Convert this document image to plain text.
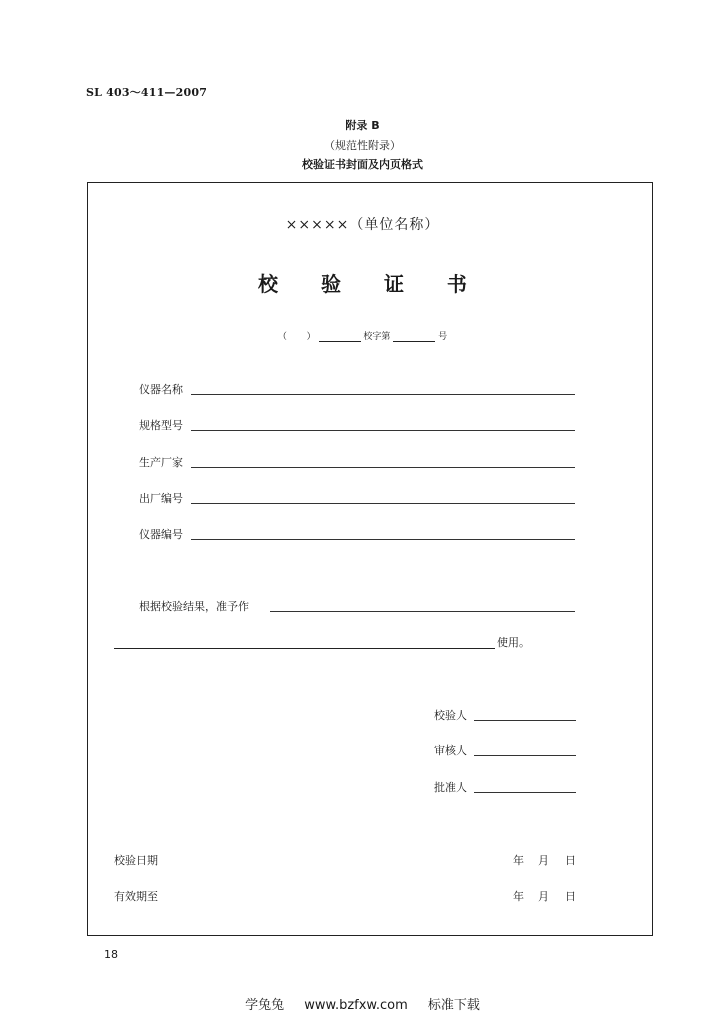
SL 403～411—2007
附录 B
（规范性附录）
校验证书封面及内页格式
×××××（单位名称）
校 验 证 书
（ ）	校字第	号
仪器名称
规格型号
生产厂家
出厂编号
仪器编号
根据校验结果，准予作
使用。
校验人
审核人
批准人
校验日期	年 月 日
有效期至	年 月 日
18
学兔兔 www.bzfxw.com 标准下载
